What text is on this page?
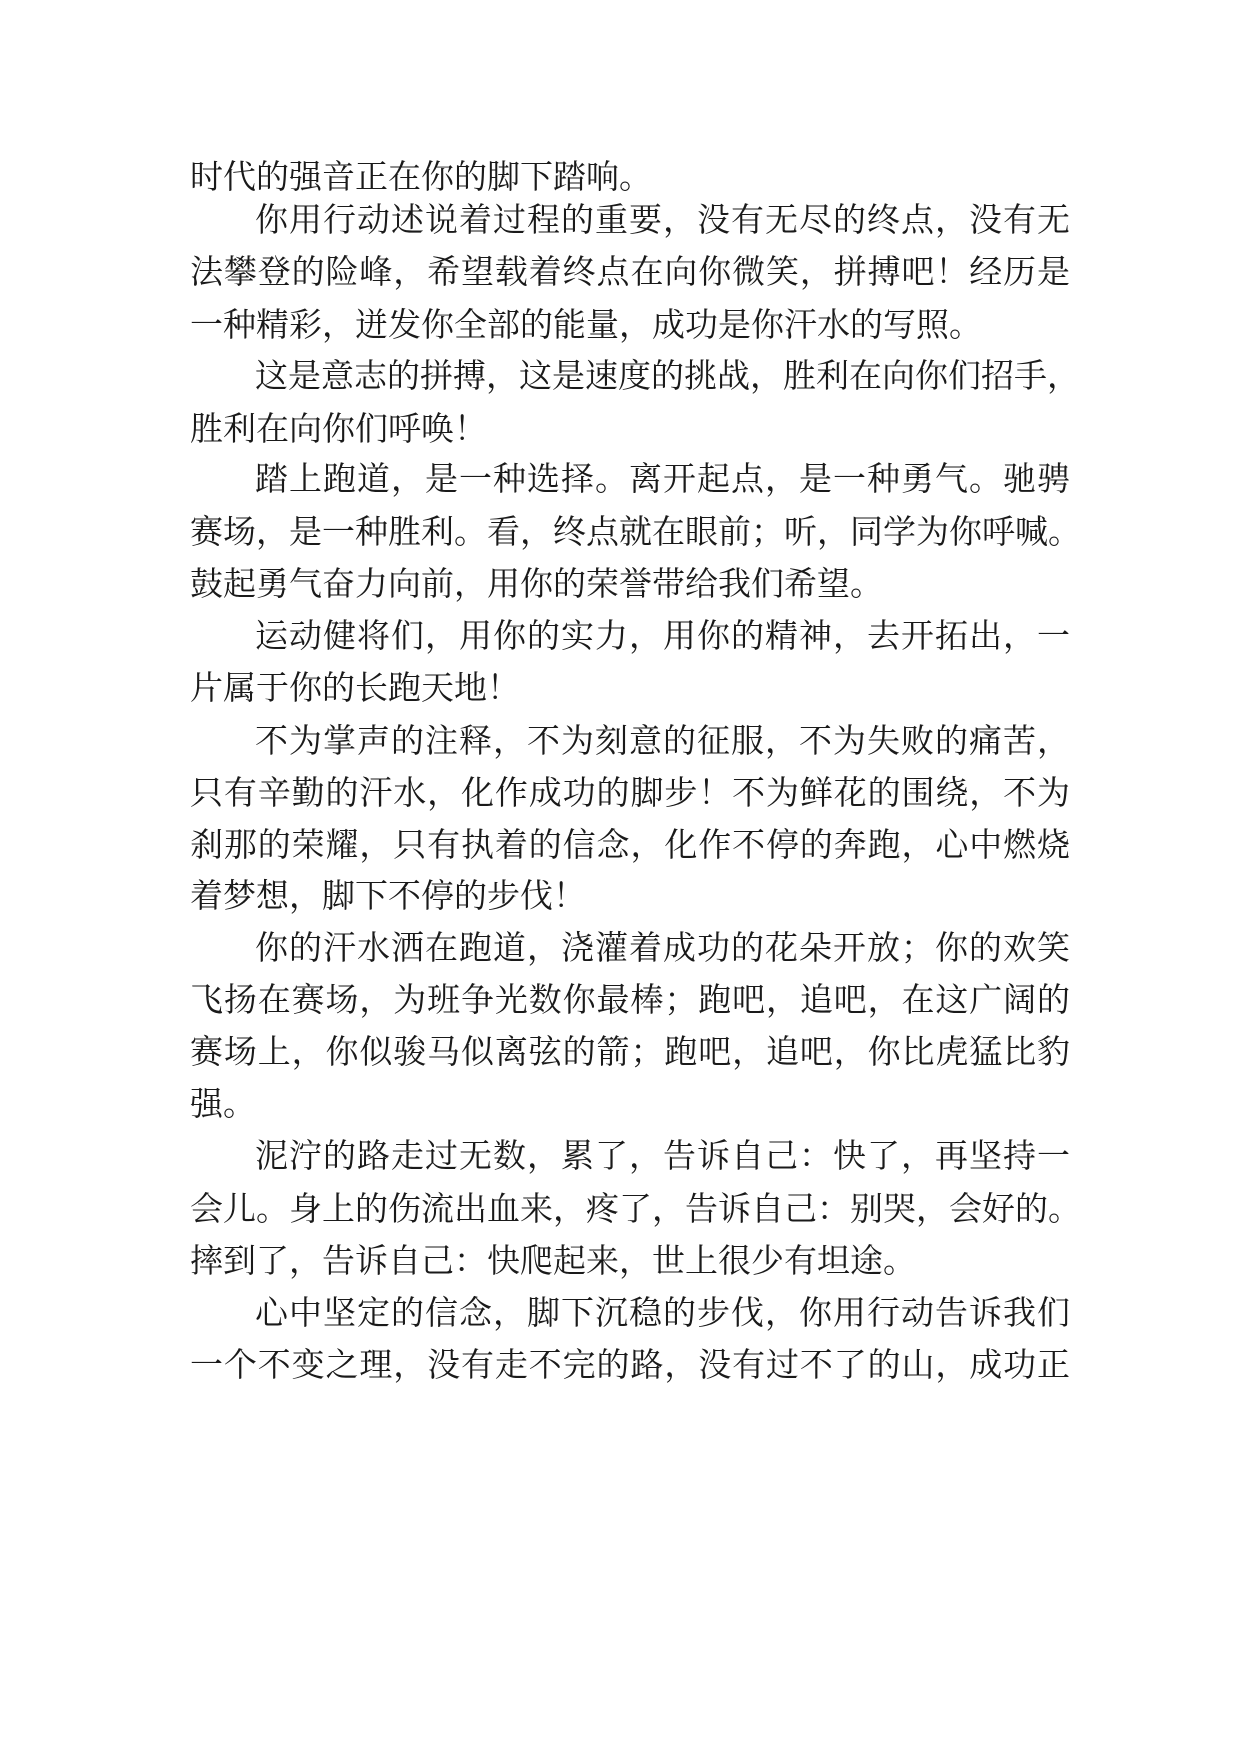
时代的强音正在你的脚下踏响。
你用行动述说着过程的重要，没有无尽的终点，没有无
法攀登的险峰，希望载着终点在向你微笑，拼搏吧！经历是
一种精彩，迸发你全部的能量，成功是你汗水的写照。
这是意志的拼搏，这是速度的挑战，胜利在向你们招手，
胜利在向你们呼唤！
踏上跑道，是一种选择。离开起点，是一种勇气。驰骋
赛场，是一种胜利。看，终点就在眼前；听，同学为你呼喊。
鼓起勇气奋力向前，用你的荣誉带给我们希望。
运动健将们，用你的实力，用你的精神，去开拓出，一
片属于你的长跑天地！
不为掌声的注释，不为刻意的征服，不为失败的痛苦，
只有辛勤的汗水，化作成功的脚步！不为鲜花的围绕，不为
刹那的荣耀，只有执着的信念，化作不停的奔跑，心中燃烧
着梦想，脚下不停的步伐！
你的汗水洒在跑道，浇灌着成功的花朵开放；你的欢笑
飞扬在赛场，为班争光数你最棒；跑吧，追吧，在这广阔的
赛场上，你似骏马似离弦的箭；跑吧，追吧，你比虎猛比豹
强。
泥泞的路走过无数，累了，告诉自己：快了，再坚持一
会儿。身上的伤流出血来，疼了，告诉自己：别哭，会好的。
摔到了，告诉自己：快爬起来，世上很少有坦途。
心中坚定的信念，脚下沉稳的步伐，你用行动告诉我们
一个不变之理，没有走不完的路，没有过不了的山，成功正
